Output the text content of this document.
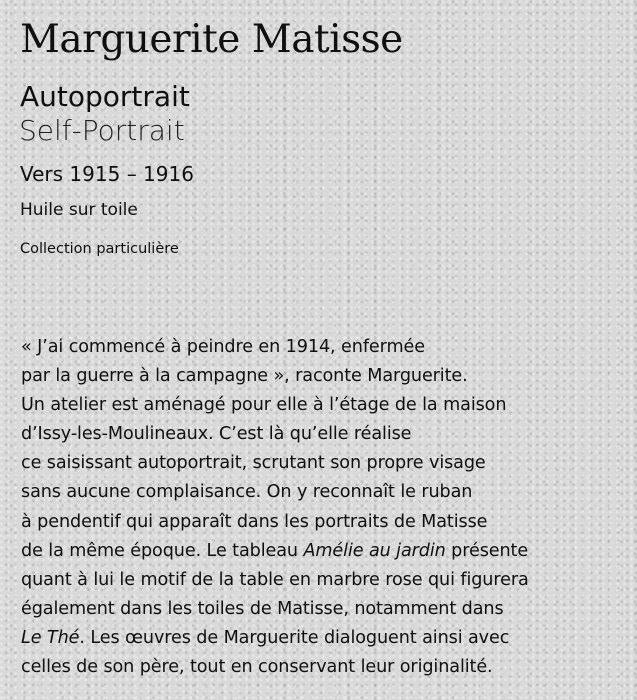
Marguerite Matisse
Autoportrait
Self-Portrait

Vers 1915 – 1916

Huile sur toile

Collection particulière

« J’ai commencé à peindre en 1914, enfermée
par la guerre à la campagne », raconte Marguerite.
Un atelier est aménagé pour elle à l’étage de la maison
d’Issy-les-Moulineaux. C’est là qu’elle réalise
ce saisissant autoportrait, scrutant son propre visage
sans aucune complaisance. On y reconnaît le ruban
à pendentif qui apparaît dans les portraits de Matisse
de la même époque. Le tableau Amélie au jardin présente
quant à lui le motif de la table en marbre rose qui figurera
également dans les toiles de Matisse, notamment dans
Le Thé. Les œuvres de Marguerite dialoguent ainsi avec
celles de son père, tout en conservant leur originalité.
